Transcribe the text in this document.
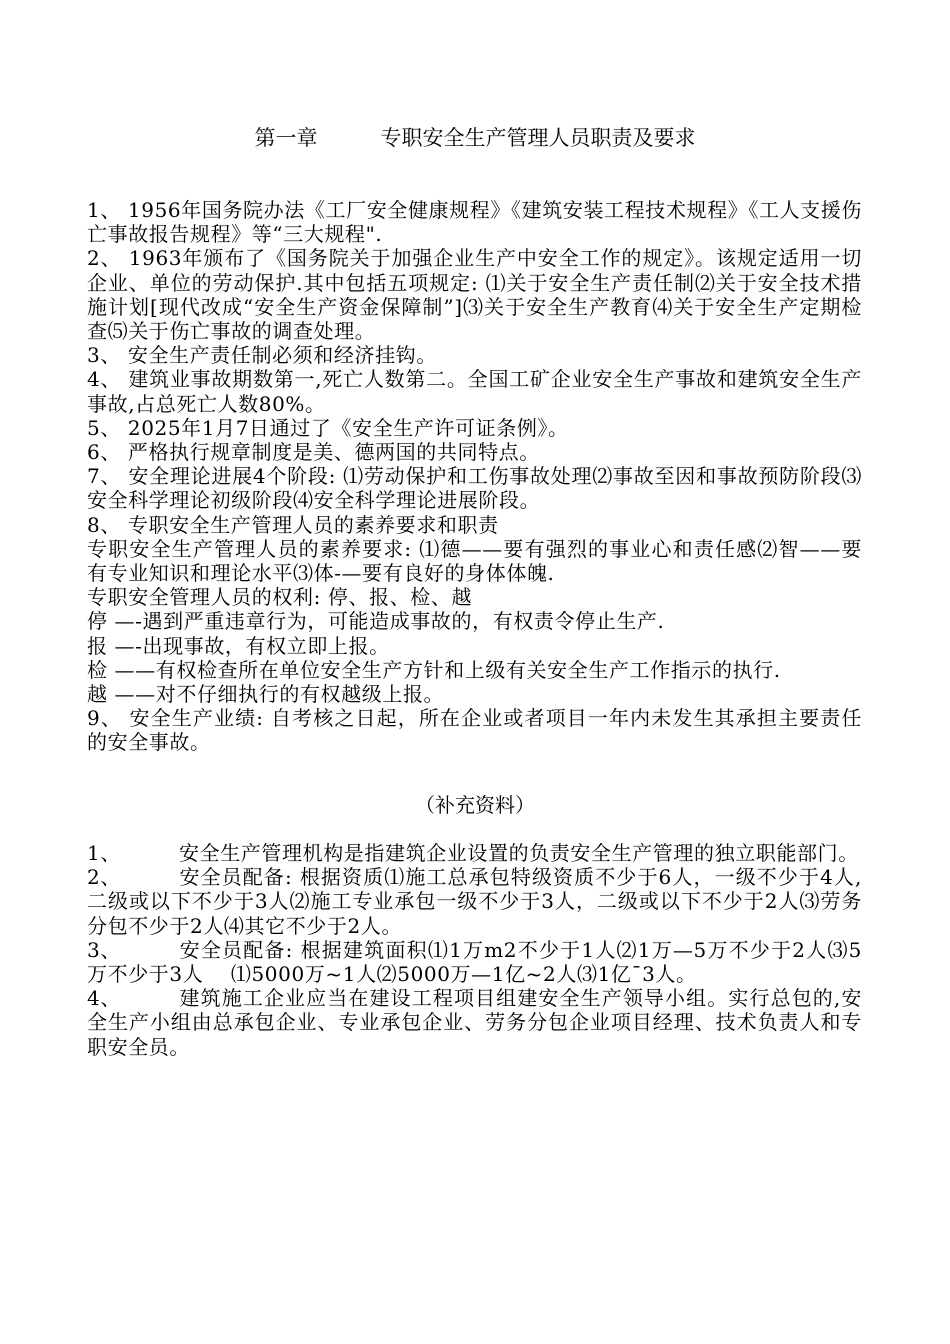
第一章　　　专职安全生产管理人员职责及要求

1、 1956年国务院办法《工厂安全健康规程》《建筑安装工程技术规程》《工人支援伤亡事故报告规程》等“三大规程".

2、 1963年颁布了《国务院关于加强企业生产中安全工作的规定》。该规定适用一切企业、单位的劳动保护.其中包括五项规定: ⑴关于安全生产责任制⑵关于安全技术措施计划[现代改成“安全生产资金保障制”]⑶关于安全生产教育⑷关于安全生产定期检查⑸关于伤亡事故的调查处理。

3、 安全生产责任制必须和经济挂钩。

4、 建筑业事故期数第一,死亡人数第二。全国工矿企业安全生产事故和建筑安全生产事故,占总死亡人数80%。

5、 2025年1月7日通过了《安全生产许可证条例》。

6、 严格执行规章制度是美、德两国的共同特点。

7、 安全理论进展4个阶段: ⑴劳动保护和工伤事故处理⑵事故至因和事故预防阶段⑶安全科学理论初级阶段⑷安全科学理论进展阶段。

8、 专职安全生产管理人员的素养要求和职责

专职安全生产管理人员的素养要求: ⑴德——要有强烈的事业心和责任感⑵智——要有专业知识和理论水平⑶体-—要有良好的身体体魄.

专职安全管理人员的权利: 停、报、检、越

停 —-遇到严重违章行为，可能造成事故的，有权责令停止生产.

报 —-出现事故，有权立即上报。

检 ——有权检查所在单位安全生产方针和上级有关安全生产工作指示的执行.

越 ——对不仔细执行的有权越级上报。

9、 安全生产业绩: 自考核之日起，所在企业或者项目一年内未发生其承担主要责任的安全事故。

（补充资料）

1、	安全生产管理机构是指建筑企业设置的负责安全生产管理的独立职能部门。

2、	安全员配备: 根据资质⑴施工总承包特级资质不少于6人，一级不少于4人,二级或以下不少于3人⑵施工专业承包一级不少于3人，二级或以下不少于2人⑶劳务分包不少于2人⑷其它不少于2人。

3、	安全员配备: 根据建筑面积⑴1万m2不少于1人⑵1万—5万不少于2人⑶5万不少于3人　 ⑴5000万~1人⑵5000万—1亿~2人⑶1亿¯3人。

4、	建筑施工企业应当在建设工程项目组建安全生产领导小组。实行总包的,安全生产小组由总承包企业、专业承包企业、劳务分包企业项目经理、技术负责人和专职安全员。
